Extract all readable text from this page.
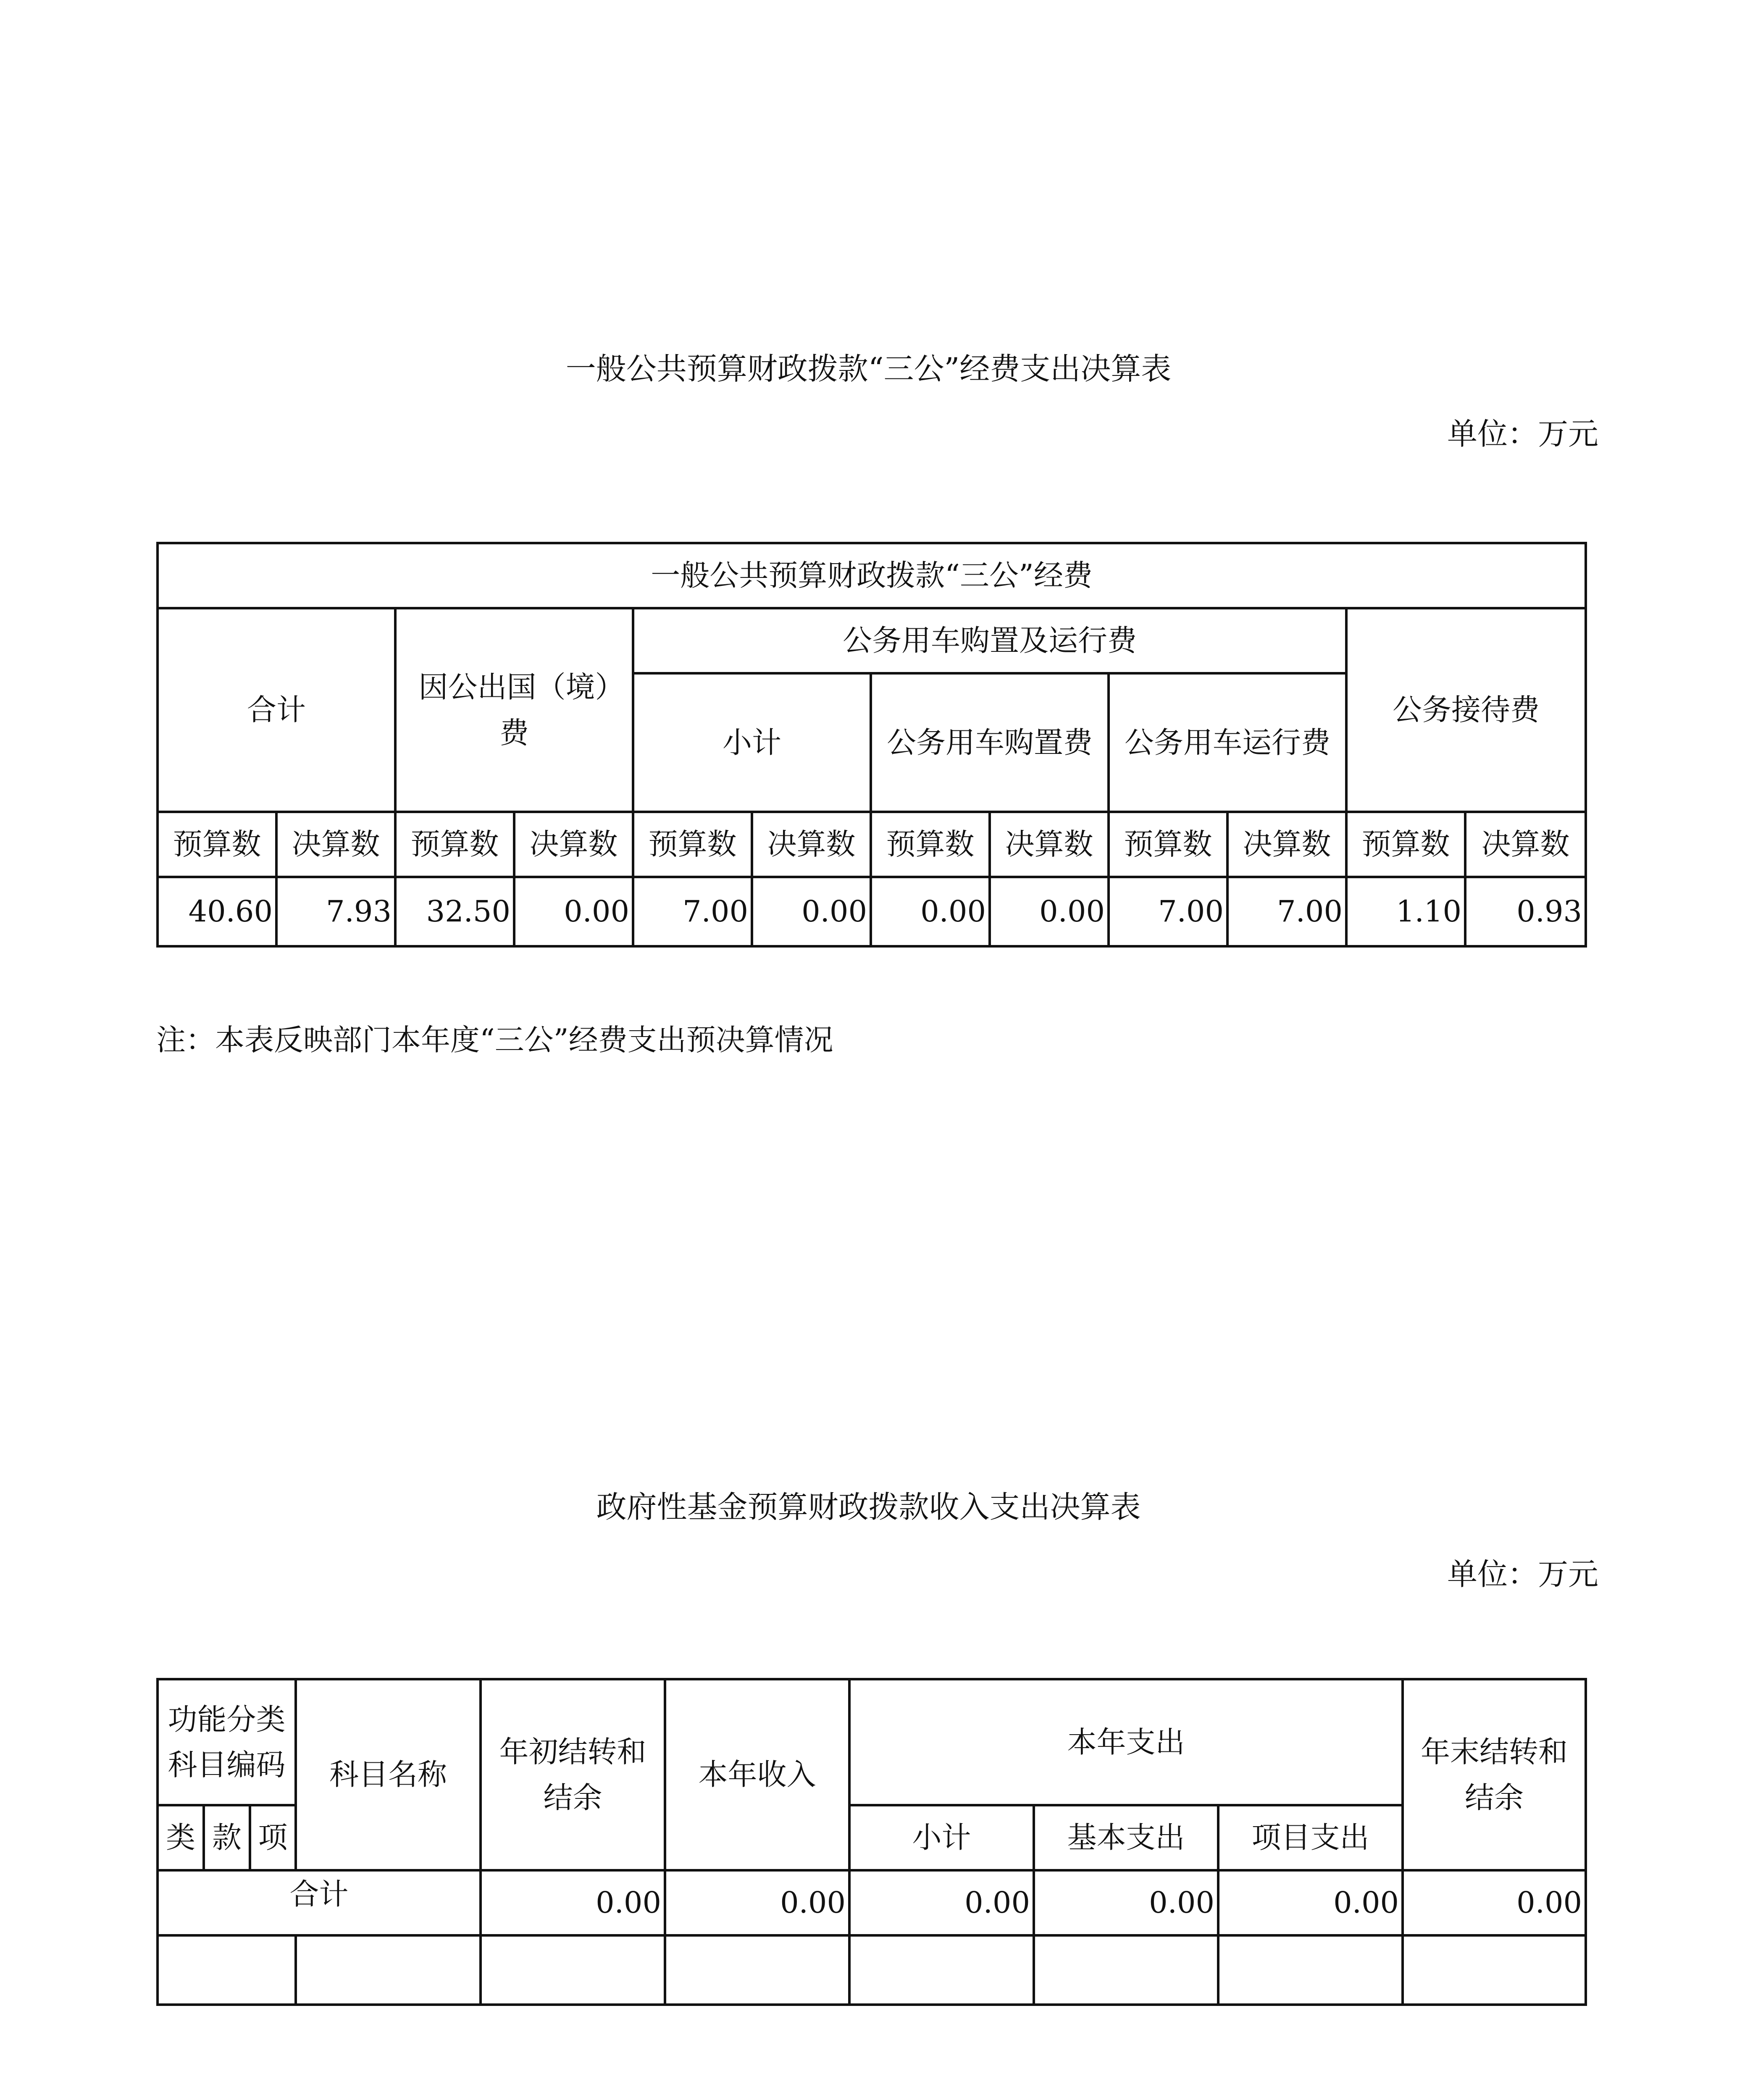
一般公共预算财政拨款“三公”经费支出决算表
单位：万元
一般公共预算财政拨款“三公”经费											
合计		因公出国（境）费		公务用车购置及运行费						公务接待费	
				小计		公务用车购置费		公务用车运行费			
预算数	决算数	预算数	决算数	预算数	决算数	预算数	决算数	预算数	决算数	预算数	决算数
40.60	7.93	32.50	0.00	7.00	0.00	0.00	0.00	7.00	7.00	1.10	0.93
注：本表反映部门本年度“三公”经费支出预决算情况
政府性基金预算财政拨款收入支出决算表
单位：万元
功能分类科目编码			科目名称	年初结转和结余	本年收入	本年支出			年末结转和结余
类	款	项				小计	基本支出	项目支出	
合计				0.00	0.00	0.00	0.00	0.00	0.00
